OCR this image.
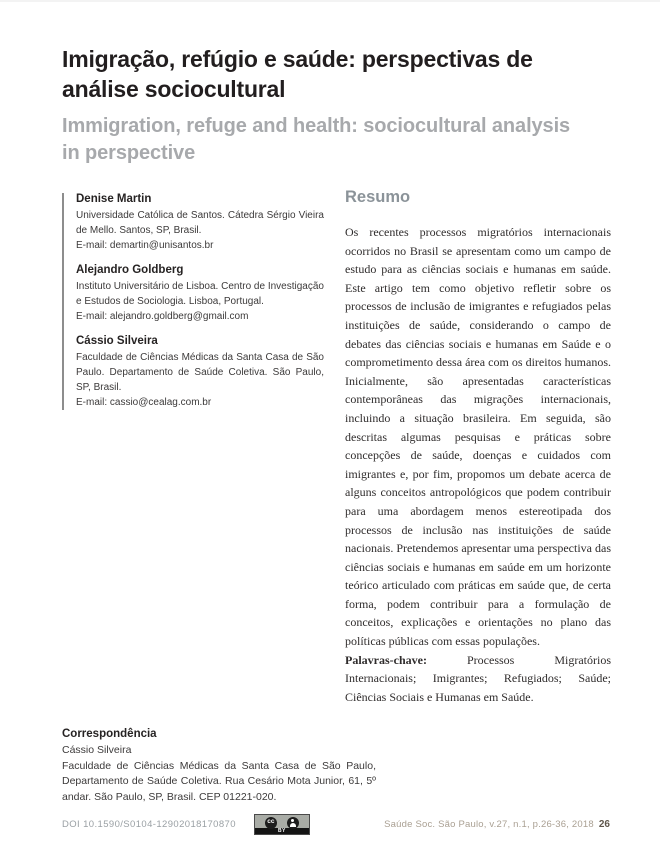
Imigração, refúgio e saúde: perspectivas de análise sociocultural
Immigration, refuge and health: sociocultural analysis in perspective

Denise Martin

Universidade Católica de Santos. Cátedra Sérgio Vieira de Mello. Santos, SP, Brasil.

E-mail: demartin@unisantos.br

Alejandro Goldberg

Instituto Universitário de Lisboa. Centro de Investigação e Estudos de Sociologia. Lisboa, Portugal.

E-mail: alejandro.goldberg@gmail.com

Cássio Silveira

Faculdade de Ciências Médicas da Santa Casa de São Paulo. Departamento de Saúde Coletiva. São Paulo, SP, Brasil.

E-mail: cassio@cealag.com.br

Resumo

Os recentes processos migratórios internacionais ocorridos no Brasil se apresentam como um campo de estudo para as ciências sociais e humanas em saúde. Este artigo tem como objetivo refletir sobre os processos de inclusão de imigrantes e refugiados pelas instituições de saúde, considerando o campo de debates das ciências sociais e humanas em Saúde e o comprometimento dessa área com os direitos humanos. Inicialmente, são apresentadas características contemporâneas das migrações internacionais, incluindo a situação brasileira. Em seguida, são descritas algumas pesquisas e práticas sobre concepções de saúde, doenças e cuidados com imigrantes e, por fim, propomos um debate acerca de alguns conceitos antropológicos que podem contribuir para uma abordagem menos estereotipada dos processos de inclusão nas instituições de saúde nacionais. Pretendemos apresentar uma perspectiva das ciências sociais e humanas em saúde em um horizonte teórico articulado com práticas em saúde que, de certa forma, podem contribuir para a formulação de conceitos, explicações e orientações no plano das políticas públicas com essas populações.

Palavras-chave: Processos Migratórios Internacionais; Imigrantes; Refugiados; Saúde; Ciências Sociais e Humanas em Saúde.

Correspondência

Cássio Silveira

Faculdade de Ciências Médicas da Santa Casa de São Paulo, Departamento de Saúde Coletiva. Rua Cesário Mota Junior, 61, 5º andar. São Paulo, SP, Brasil. CEP 01221-020.

DOI 10.1590/S0104-12902018170870	cc
BY
Saúde Soc. São Paulo, v.27, n.1, p.26-36, 2018 26
